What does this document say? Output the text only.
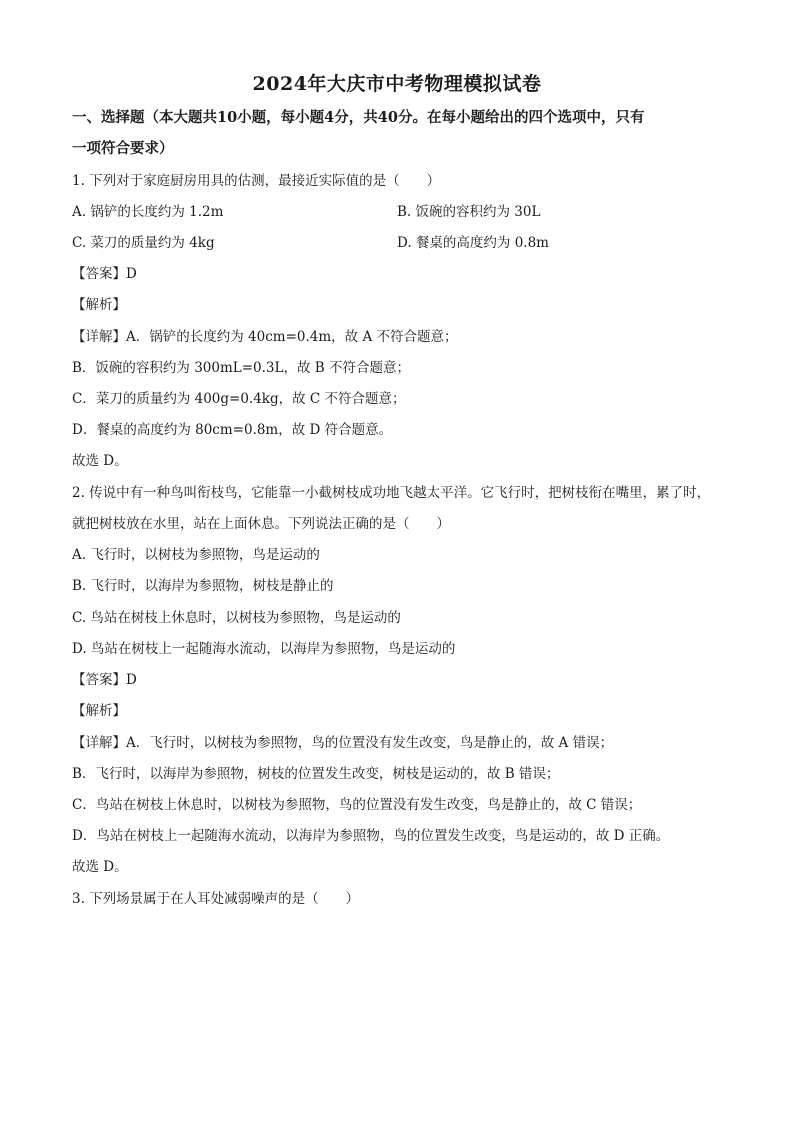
2024年大庆市中考物理模拟试卷
一、选择题（本大题共10小题，每小题4分，共40分。在每小题给出的四个选项中，只有
一项符合要求）
1. 下列对于家庭厨房用具的估测，最接近实际值的是（　　）
A. 锅铲的长度约为 1.2m	B. 饭碗的容积约为 30L
C. 菜刀的质量约为 4kg	D. 餐桌的高度约为 0.8m
【答案】D
【解析】
【详解】A．锅铲的长度约为 40cm=0.4m，故 A 不符合题意；
B．饭碗的容积约为 300mL=0.3L，故 B 不符合题意；
C．菜刀的质量约为 400g=0.4kg，故 C 不符合题意；
D．餐桌的高度约为 80cm=0.8m，故 D 符合题意。
故选 D。
2. 传说中有一种鸟叫衔枝鸟，它能靠一小截树枝成功地飞越太平洋。它飞行时，把树枝衔在嘴里，累了时，
就把树枝放在水里，站在上面休息。下列说法正确的是（　　）
A. 飞行时，以树枝为参照物，鸟是运动的
B. 飞行时，以海岸为参照物，树枝是静止的
C. 鸟站在树枝上休息时，以树枝为参照物，鸟是运动的
D. 鸟站在树枝上一起随海水流动，以海岸为参照物，鸟是运动的
【答案】D
【解析】
【详解】A．飞行时，以树枝为参照物，鸟的位置没有发生改变，鸟是静止的，故 A 错误；
B．飞行时，以海岸为参照物，树枝的位置发生改变，树枝是运动的，故 B 错误；
C．鸟站在树枝上休息时，以树枝为参照物，鸟的位置没有发生改变，鸟是静止的，故 C 错误；
D．鸟站在树枝上一起随海水流动，以海岸为参照物，鸟的位置发生改变，鸟是运动的，故 D 正确。
故选 D。
3. 下列场景属于在人耳处减弱噪声的是（　　）
